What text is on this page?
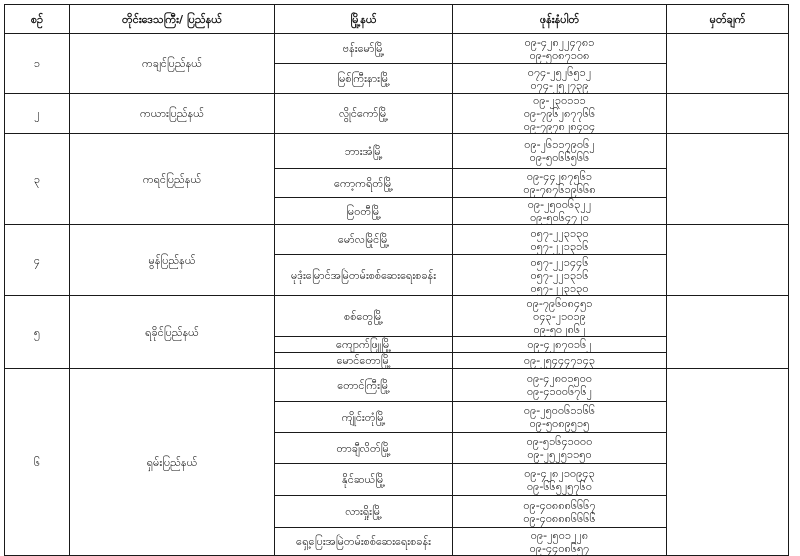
စဉ်	တိုင်းဒေသကြီး/ ပြည်နယ်	မြို့နယ်	ဖုန်းနံပါတ်	မှတ်ချက်
၁	ကချင်ပြည်နယ်	ဗန်းမော်မြို့	၀၉-၄၂၈၂၂၄၇၈၁
၀၉-၅၀၈၇၁၀၈	

		မြစ်ကြီးနားမြို့	၀၇၄-၂၅၂၆၅၁၂
၀၇၄-၂၅၂၇၃၉	

၂	ကယားပြည်နယ်	လွိုင်ကော်မြို့	၀၉-၂၃၀၁၁၁
၀၉-၇၉၆၂၈၇၇၆၆
၀၉-၇၉၇၈၂၈၄၀၄	

၃	ကရင်ပြည်နယ်	ဘားအံမြို့	၀၉-၂၆၁၁၇၉၀၆၂
၀၉-၅၀၆၆၅၆၆	

		ကော့ကရိတ်မြို့	၀၉-၄၄၂၈၇၅၆၁
၀၉-၇၈၇၆၁၉၆၆၈	

		မြဝတီမြို့	၀၉-၂၅၀၀၆၃၂၂
၀၉-၅၀၆၄၇၂၀	

၄	မွန်ပြည်နယ်	မော်လမြိုင်မြို့	၀၅၇-၂၂၃၁၃၀
၀၅၇-၂၂၁၃၁၆	

		မုဒုံးမြောင်အမြဲတမ်းစစ်ဆေးရေးစခန်း	၀၅၇-၂၂၁၄၄၆
၀၅၇-၂၂၁၃၁၆
၀၅၇-၂၂၃၁၃၀	

၅	ရခိုင်ပြည်နယ်	စစ်တွေမြို့	၀၉-၇၉၆၀၈၄၅၁
၀၄၃-၂၁၀၁၉
၀၉-၅၀၂၈၆၂	

		ကျောက်ဖြူမြို့	၀၉-၄၂၈၇၀၁၆၂	

		မောင်တောမြို့	၀၉-၂၅၄၄၄၇၁၄၃	

၆	ရှမ်းပြည်နယ်	တောင်ကြီးမြို့	၀၉-၄၂၈၀၁၅၀၀
၀၉-၄၁၀၀၆၇၆၂	

		ကျိုင်းတုံမြို့	၀၉-၂၅၀၀၆၁၁၆၆
၀၉-၅၀၈၉၅၁၅	

		တာချီလိတ်မြို့	၀၉-၅၁၆၄၁၀၀၀
၀၉-၂၅၂၅၁၁၅၀	

		နိုင်ဆယ်မြို့	၀၉-၄၂၈၂၁၀၉၄၃
၀၉-၆၆၅၂၅၇၆၀	

		လားရှိုးမြို့	၀၉-၄၀၈၈၈၆၆၆၇
၀၉-၄၀၈၈၈၆၆၆၆	

		ရှေ့ပြေးအမြဲတမ်းစစ်ဆေးရေးစခန်း	၀၉-၂၅၀၁၂၂၈
၀၉-၄၄၀၈၆၅၇	
